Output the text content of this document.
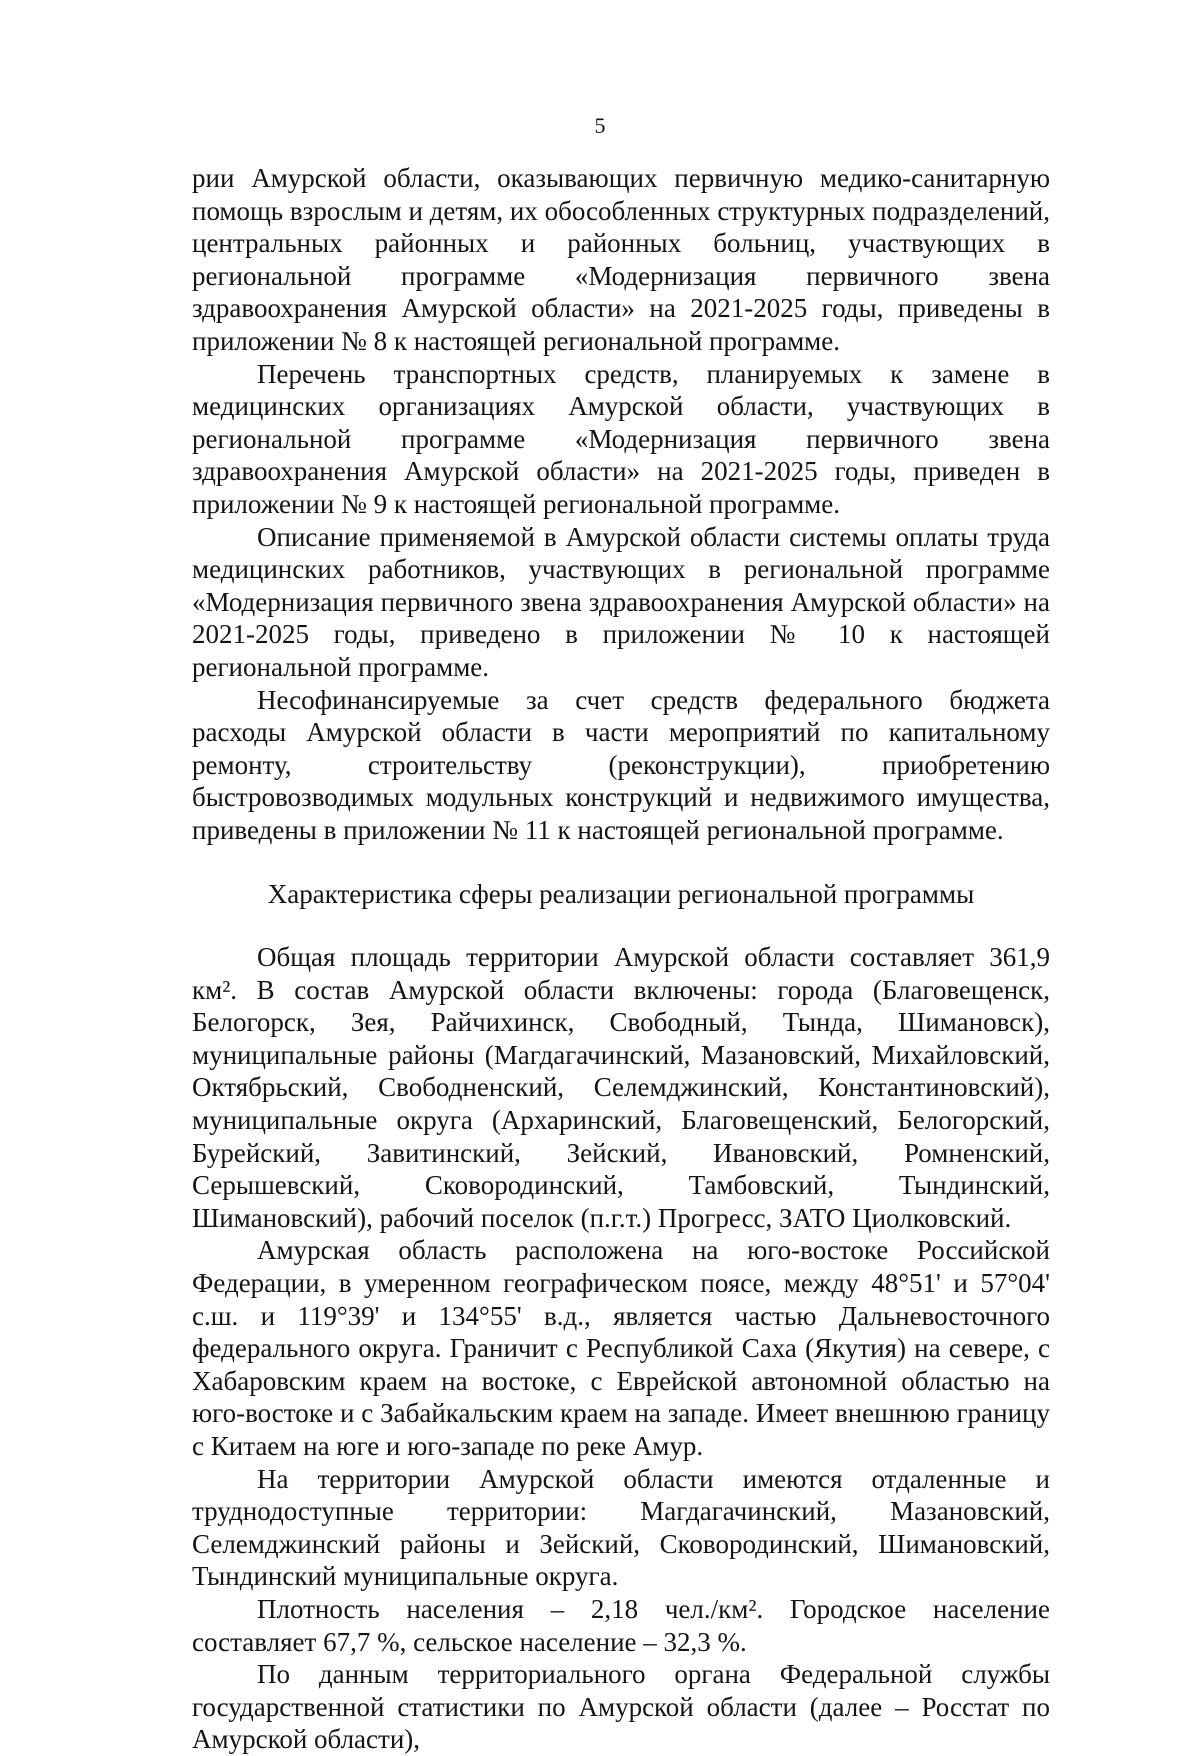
5

рии Амурской области, оказывающих первичную медико-санитарную помощь взрослым и детям, их обособленных структурных подразделений, центральных районных и районных больниц, участвующих в региональной программе «Модернизация первичного звена здравоохранения Амурской области» на 2021-2025 годы, приведены в приложении № 8 к настоящей региональной программе.

Перечень транспортных средств, планируемых к замене в медицинских организациях Амурской области, участвующих в региональной программе «Модернизация первичного звена здравоохранения Амурской области» на 2021-2025 годы, приведен в приложении № 9 к настоящей региональной программе.

Описание применяемой в Амурской области системы оплаты труда медицинских работников, участвующих в региональной программе «Модернизация первичного звена здравоохранения Амурской области» на 2021-2025 годы, приведено в приложении № 10 к настоящей региональной программе.

Несофинансируемые за счет средств федерального бюджета расходы Амурской области в части мероприятий по капитальному ремонту, строительству (реконструкции), приобретению быстровозводимых модульных конструкций и недвижимого имущества, приведены в приложении № 11 к настоящей региональной программе.

Характеристика сферы реализации региональной программы

Общая площадь территории Амурской области составляет 361,9 км². В состав Амурской области включены: города (Благовещенск, Белогорск, Зея, Райчихинск, Свободный, Тында, Шимановск), муниципальные районы (Магдагачинский, Мазановский, Михайловский, Октябрьский, Свободненский, Селемджинский, Константиновский), муниципальные округа (Архаринский, Благовещенский, Белогорский, Бурейский, Завитинский, Зейский, Ивановский, Ромненский, Серышевский, Сковородинский, Тамбовский, Тындинский, Шимановский), рабочий поселок (п.г.т.) Прогресс, ЗАТО Циолковский.

Амурская область расположена на юго-востоке Российской Федерации, в умеренном географическом поясе, между 48°51' и 57°04' с.ш. и 119°39' и 134°55' в.д., является частью Дальневосточного федерального округа. Граничит с Республикой Саха (Якутия) на севере, с Хабаровским краем на востоке, с Еврейской автономной областью на юго-востоке и с Забайкальским краем на западе. Имеет внешнюю границу с Китаем на юге и юго-западе по реке Амур.

На территории Амурской области имеются отдаленные и труднодоступные территории: Магдагачинский, Мазановский, Селемджинский районы и Зейский, Сковородинский, Шимановский, Тындинский муниципальные округа.

Плотность населения – 2,18 чел./км². Городское население составляет 67,7 %, сельское население – 32,3 %.

По данным территориального органа Федеральной службы государственной статистики по Амурской области (далее – Росстат по Амурской области),
